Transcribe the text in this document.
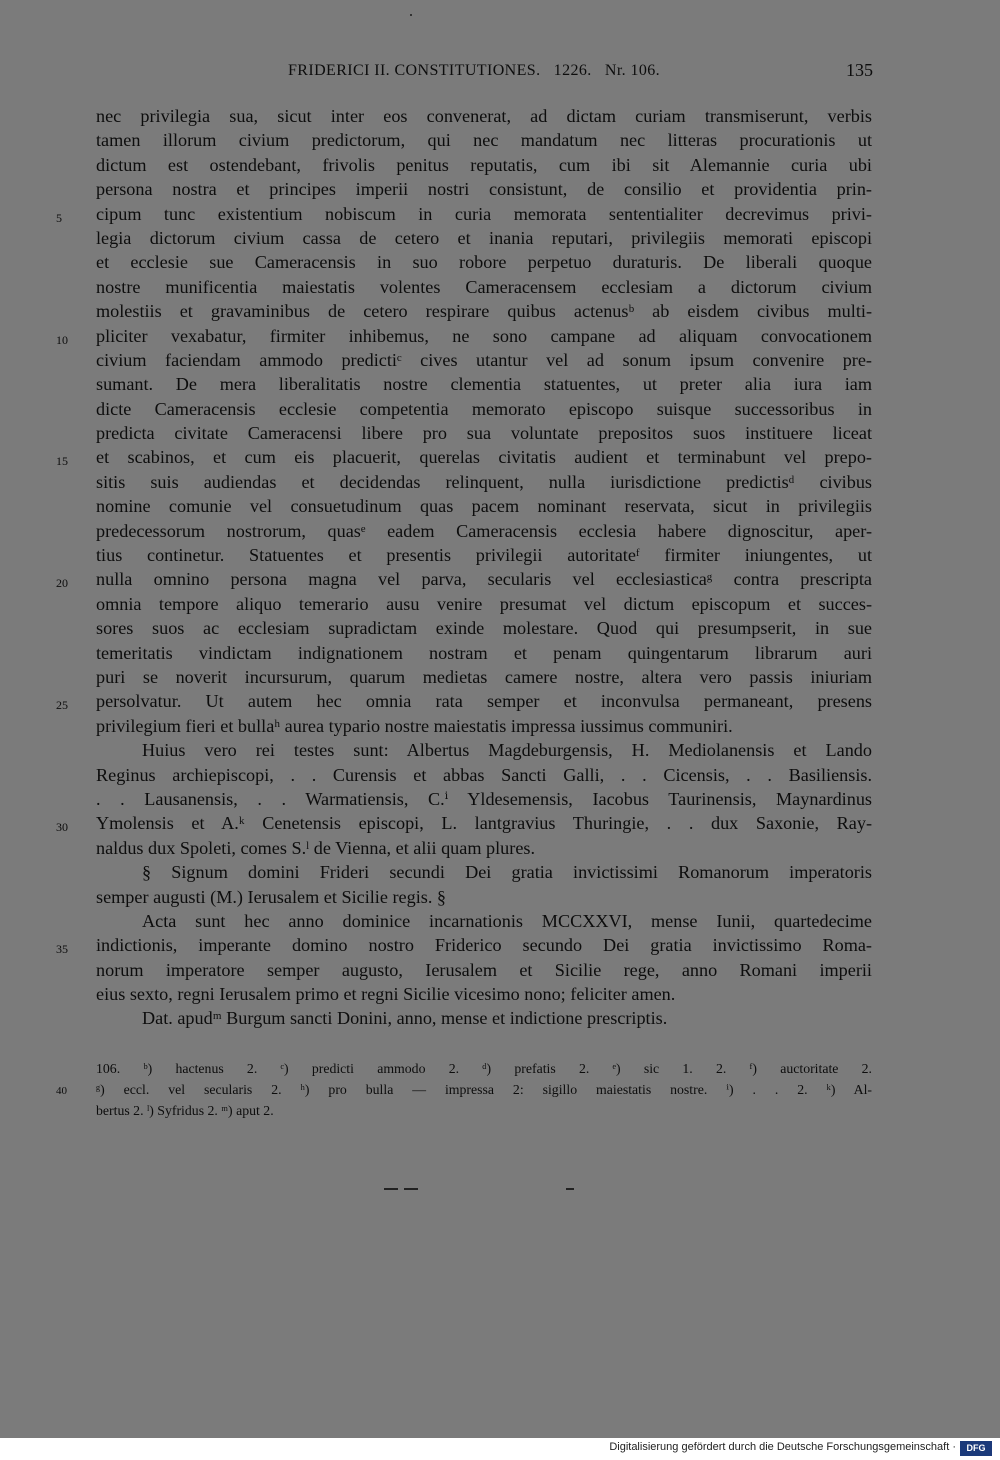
FRIDERICI II. CONSTITUTIONES.   1226.   Nr. 106.	135
nec privilegia sua, sicut inter eos convenerat, ad dictam curiam transmiserunt, verbis
tamen illorum civium predictorum, qui nec mandatum nec litteras procurationis ut
dictum est ostendebant, frivolis penitus reputatis, cum ibi sit Alemannie curia ubi
persona nostra et principes imperii nostri consistunt, de consilio et providentia prin-
5	cipum tunc existentium nobiscum in curia memorata sententialiter decrevimus privi-
legia dictorum civium cassa de cetero et inania reputari, privilegiis memorati episcopi
et ecclesie sue Cameracensis in suo robore perpetuo duraturis. De liberali quoque
nostre munificentia maiestatis volentes Cameracensem ecclesiam a dictorum civium
molestiis et gravaminibus de cetero respirare quibus actenusᵇ ab eisdem civibus multi-
10	pliciter vexabatur, firmiter inhibemus, ne sono campane ad aliquam convocationem
civium faciendam ammodo predictiᶜ cives utantur vel ad sonum ipsum convenire pre-
sumant. De mera liberalitatis nostre clementia statuentes, ut preter alia iura iam
dicte Cameracensis ecclesie competentia memorato episcopo suisque successoribus in
predicta civitate Cameracensi libere pro sua voluntate prepositos suos instituere liceat
15	et scabinos, et cum eis placuerit, querelas civitatis audient et terminabunt vel prepo-
sitis suis audiendas et decidendas relinquent, nulla iurisdictione predictisᵈ civibus
nomine comunie vel consuetudinum quas pacem nominant reservata, sicut in privilegiis
predecessorum nostrorum, quasᵉ eadem Cameracensis ecclesia habere dignoscitur, aper-
tius continetur. Statuentes et presentis privilegii autoritateᶠ firmiter iniungentes, ut
20	nulla omnino persona magna vel parva, secularis vel ecclesiasticaᵍ contra prescripta
omnia tempore aliquo temerario ausu venire presumat vel dictum episcopum et succes-
sores suos ac ecclesiam supradictam exinde molestare. Quod qui presumpserit, in sue
temeritatis vindictam indignationem nostram et penam quingentarum librarum auri
puri se noverit incursurum, quarum medietas camere nostre, altera vero passis iniuriam
25	persolvatur. Ut autem hec omnia rata semper et inconvulsa permaneant, presens
privilegium fieri et bullaʰ aurea typario nostre maiestatis impressa iussimus communiri.
Huius vero rei testes sunt: Albertus Magdeburgensis, H. Mediolanensis et Lando
Reginus archiepiscopi, . . Curensis et abbas Sancti Galli, . . Cicensis, . . Basiliensis.
. . Lausanensis, . . Warmatiensis, C.ⁱ Yldesemensis, Iacobus Taurinensis, Maynardinus
30	Ymolensis et A.ᵏ Cenetensis episcopi, L. lantgravius Thuringie, . . dux Saxonie, Ray-
naldus dux Spoleti, comes S.ˡ de Vienna, et alii quam plures.
§ Signum domini Frideri secundi Dei gratia invictissimi Romanorum imperatoris
semper augusti (M.) Ierusalem et Sicilie regis. §
Acta sunt hec anno dominice incarnationis MCCXXVI, mense Iunii, quartedecime
35	indictionis, imperante domino nostro Friderico secundo Dei gratia invictissimo Roma-
norum imperatore semper augusto, Ierusalem et Sicilie rege, anno Romani imperii
eius sexto, regni Ierusalem primo et regni Sicilie vicesimo nono; feliciter amen.
Dat. apudᵐ Burgum sancti Donini, anno, mense et indictione prescriptis.
106. ᵇ) hactenus 2. ᶜ) predicti ammodo 2. ᵈ) prefatis 2. ᵉ) sic 1. 2. ᶠ) auctoritate 2.
40	ᵍ) eccl. vel secularis 2. ʰ) pro bulla — impressa 2: sigillo maiestatis nostre. ⁱ) . . 2. ᵏ) Al-
bertus 2. ˡ) Syfridus 2. ᵐ) aput 2.
Digitalisierung gefördert durch die Deutsche Forschungsgemeinschaft ·	DFG
